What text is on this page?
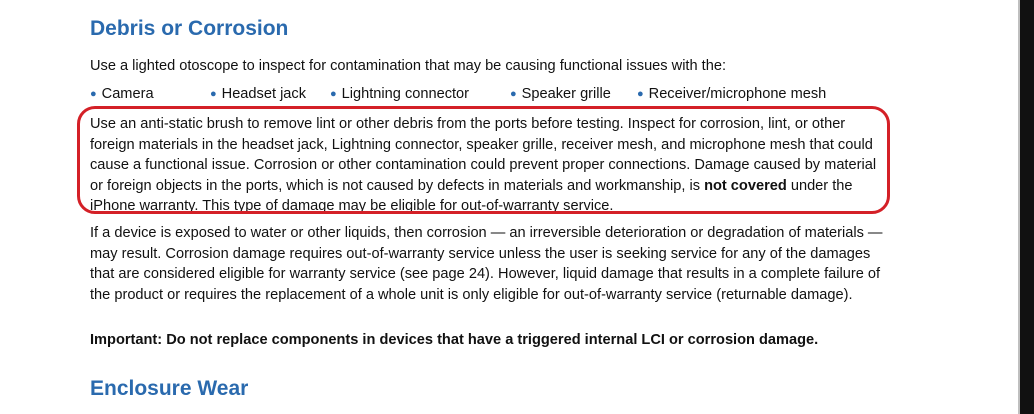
Debris or Corrosion

Use a lighted otoscope to inspect for contamination that may be causing functional issues with the:

● Camera	● Headset jack ● Lightning connector	● Speaker grille ● Receiver/microphone mesh

Use an anti-static brush to remove lint or other debris from the ports before testing. Inspect for corrosion, lint, or other foreign materials in the headset jack, Lightning connector, speaker grille, receiver mesh, and microphone mesh that could cause a functional issue. Corrosion or other contamination could prevent proper connections. Damage caused by material or foreign objects in the ports, which is not caused by defects in materials and workmanship, is not covered under the iPhone warranty. This type of damage may be eligible for out-of-warranty service.

If a device is exposed to water or other liquids, then corrosion — an irreversible deterioration or degradation of materials — may result. Corrosion damage requires out-of-warranty service unless the user is seeking service for any of the damages that are considered eligible for warranty service (see page 24). However, liquid damage that results in a complete failure of the product or requires the replacement of a whole unit is only eligible for out-of-warranty service (returnable damage).

Important: Do not replace components in devices that have a triggered internal LCI or corrosion damage.

Enclosure Wear
